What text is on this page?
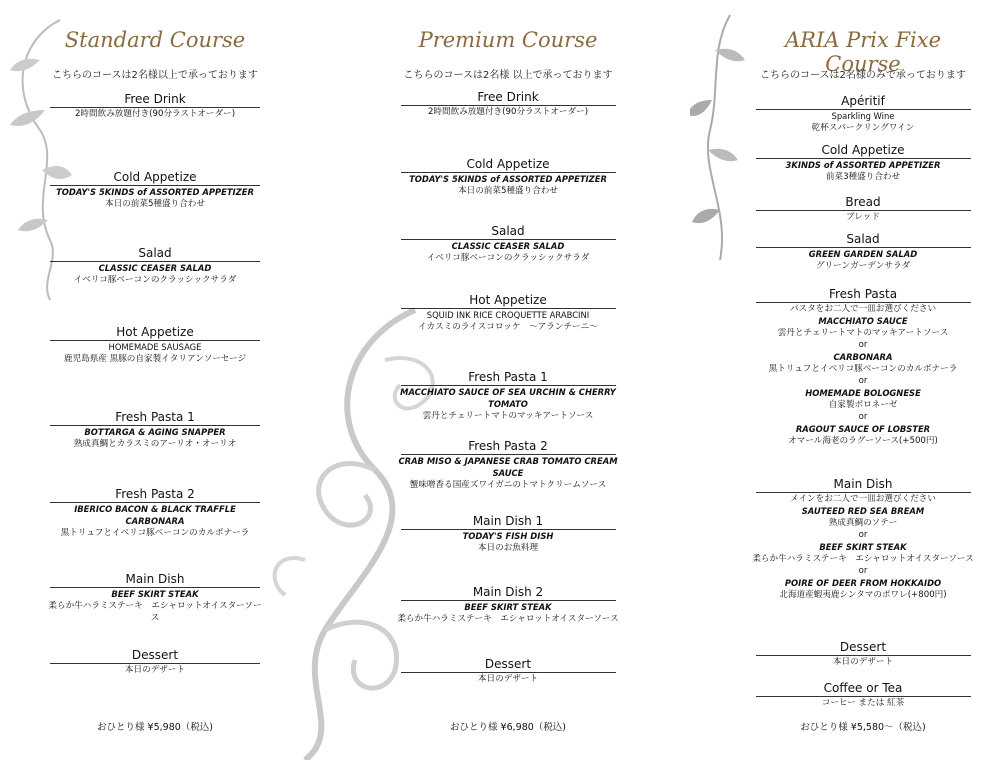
Standard Course
こちらのコースは2名様以上で承っております
Free Drink
2時間飲み放題付き(90分ラストオーダー)
Cold Appetize
TODAY'S 5KINDS of ASSORTED APPETIZER
本日の前菜5種盛り合わせ
Salad
CLASSIC CEASER SALAD
イベリコ豚ベーコンのクラッシックサラダ
Hot Appetize
HOMEMADE SAUSAGE
鹿児島県産 黒豚の自家製イタリアンソーセージ
Fresh Pasta 1
BOTTARGA & AGING SNAPPER
熟成真鯛とカラスミのアーリオ・オーリオ
Fresh Pasta 2
IBERICO BACON & BLACK TRAFFLE CARBONARA
黒トリュフとイベリコ豚ベーコンのカルボナーラ
Main Dish
BEEF SKIRT STEAK
柔らか牛ハラミステーキ　エシャロットオイスターソース
Dessert
本日のデザート
おひとり様 ¥5,980（税込)
Premium Course
こちらのコースは2名様 以上で承っております
Free Drink
2時間飲み放題付き(90分ラストオーダー)
Cold Appetize
TODAY'S 5KINDS of ASSORTED APPETIZER
本日の前菜5種盛り合わせ
Salad
CLASSIC CEASER SALAD
イベリコ豚ベーコンのクラッシックサラダ
Hot Appetize
SQUID INK RICE CROQUETTE ARABCINI
イカスミのライスコロッケ　～アランチーニ～
Fresh Pasta 1
MACCHIATO SAUCE OF SEA URCHIN & CHERRY TOMATO
雲丹とチェリートマトのマッキアートソース
Fresh Pasta 2
CRAB MISO & JAPANESE CRAB TOMATO CREAM SAUCE
蟹味噌香る国産ズワイガニのトマトクリームソース
Main Dish 1
TODAY'S FISH DISH
本日のお魚料理
Main Dish 2
BEEF SKIRT STEAK
柔らか牛ハラミステーキ　エシャロットオイスターソース
Dessert
本日のデザート
おひとり様 ¥6,980（税込)
ARIA Prix Fixe Course
こちらのコースは2名様のみで承っております
Apéritif
Sparkling Wine
乾杯スパークリングワイン
Cold Appetize
3KINDS of ASSORTED APPETIZER
前菜3種盛り合わせ
Bread
ブレッド
Salad
GREEN GARDEN SALAD
グリーンガーデンサラダ
Fresh Pasta
パスタをお二人で一皿お選びください
MACCHIATO SAUCE
雲丹とチェリートマトのマッキアートソース
or
CARBONARA
黒トリュフとイベリコ豚ベーコンのカルボナーラ
or
HOMEMADE BOLOGNESE
自家製ボロネーゼ
or
RAGOUT SAUCE OF LOBSTER
オマール海老のラグーソース(+500円)
Main Dish
メインをお二人で一皿お選びください
SAUTEED RED SEA BREAM
熟成真鯛のソテー
or
BEEF SKIRT STEAK
柔らか牛ハラミステーキ　エシャロットオイスターソース
or
POIRE OF DEER FROM HOKKAIDO
北海道産蝦夷鹿シンタマのポワレ(+800円)
Dessert
本日のデザート
Coffee or Tea
コーヒー または 紅茶
おひとり様 ¥5,580～（税込)
